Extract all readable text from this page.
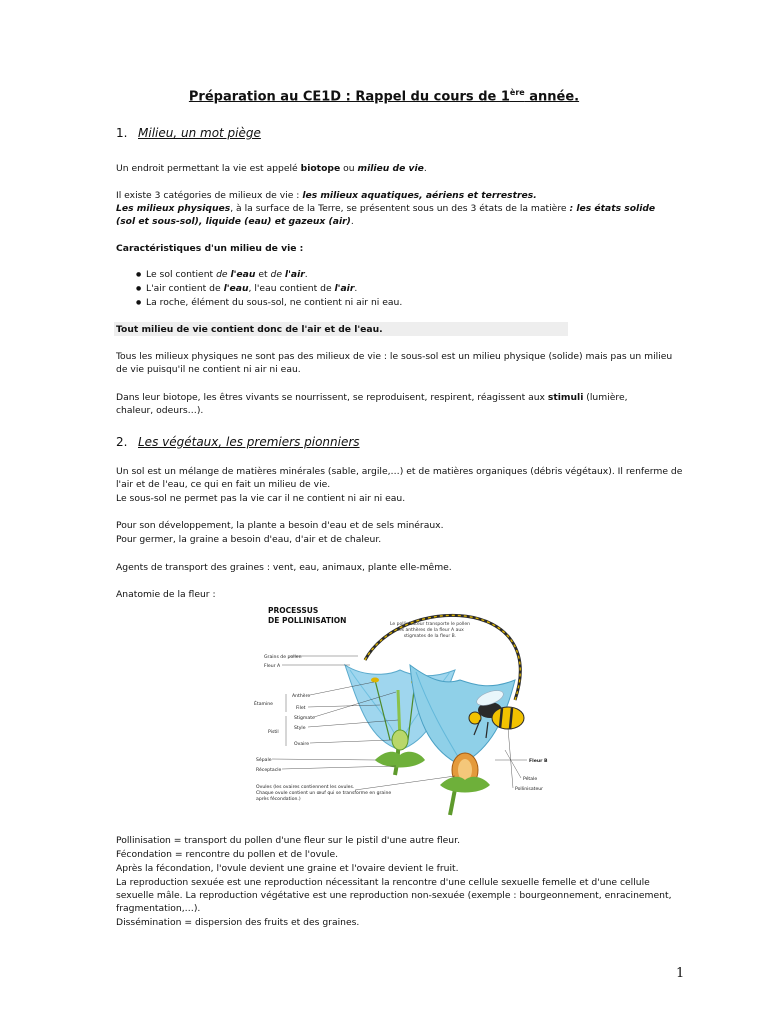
Préparation au CE1D : Rappel du cours de 1ère année.
1. Milieu, un mot piège
Un endroit permettant la vie est appelé biotope ou milieu de vie.
Il existe 3 catégories de milieux de vie : les milieux aquatiques, aériens et terrestres.
Les milieux physiques, à la surface de la Terre, se présentent sous un des 3 états de la matière : les états solide
(sol et sous-sol), liquide (eau) et gazeux (air).
Caractéristiques d'un milieu de vie :
● Le sol contient de l'eau et de l'air.
● L'air contient de l'eau, l'eau contient de l'air.
● La roche, élément du sous-sol, ne contient ni air ni eau.
Tout milieu de vie contient donc de l'air et de l'eau.
Tous les milieux physiques ne sont pas des milieux de vie : le sous-sol est un milieu physique (solide) mais pas un milieu
de vie puisqu'il ne contient ni air ni eau.
Dans leur biotope, les êtres vivants se nourrissent, se reproduisent, respirent, réagissent aux stimuli (lumière,
chaleur, odeurs…).
2. Les végétaux, les premiers pionniers
Un sol est un mélange de matières minérales (sable, argile,…) et de matières organiques (débris végétaux). Il renferme de
l'air et de l'eau, ce qui en fait un milieu de vie.
Le sous-sol ne permet pas la vie car il ne contient ni air ni eau.
Pour son développement, la plante a besoin d'eau et de sels minéraux.
Pour germer, la graine a besoin d'eau, d'air et de chaleur.
Agents de transport des graines : vent, eau, animaux, plante elle-même.
Anatomie de la fleur :
PROCESSUS
DE POLLINISATION	Le pollinisateur transporte le pollen
des anthères de la fleur A aux
stigmates de la fleur B.
Grains de pollen
Fleur A
Étamine
Anthère
Filet
Stigmate
Style
Pistil
Ovaire
Sépale
Réceptacle
Ovules (les ovaires contiennent les ovules.
Chaque ovule contient un œuf qui se transforme en graine
après fécondation.)
Fleur B
Pétale
Pollinisateur
Pollinisation = transport du pollen d'une fleur sur le pistil d'une autre fleur.
Fécondation = rencontre du pollen et de l'ovule.
Après la fécondation, l'ovule devient une graine et l'ovaire devient le fruit.
La reproduction sexuée est une reproduction nécessitant la rencontre d'une cellule sexuelle femelle et d'une cellule
sexuelle mâle. La reproduction végétative est une reproduction non-sexuée (exemple : bourgeonnement, enracinement,
fragmentation,…).
Dissémination = dispersion des fruits et des graines.
1
